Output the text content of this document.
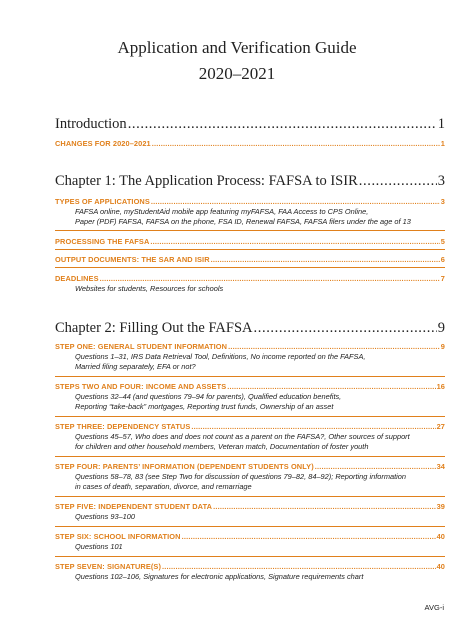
Application and Verification Guide
2020–2021
Introduction .....	1
CHANGES FOR 2020–2021 .....	1
Chapter 1: The Application Process: FAFSA to ISIR .....	3
TYPES OF APPLICATIONS .....	3
FAFSA online, myStudentAid mobile app featuring myFAFSA, FAA Access to CPS Online,
Paper (PDF) FAFSA, FAFSA on the phone, FSA ID, Renewal FAFSA, FAFSA filers under the age of 13
PROCESSING THE FAFSA .....	5
OUTPUT DOCUMENTS: THE SAR AND ISIR .....	6
DEADLINES .....	7
Websites for students, Resources for schools
Chapter 2: Filling Out the FAFSA .....	9
STEP ONE: GENERAL STUDENT INFORMATION .....	9
Questions 1–31, IRS Data Retrieval Tool, Definitions, No income reported on the FAFSA,
Married filing separately, EFA or not?
STEPS TWO AND FOUR: INCOME AND ASSETS .....	16
Questions 32–44 (and questions 79–94 for parents), Qualified education benefits,
Reporting “take-back” mortgages, Reporting trust funds, Ownership of an asset
STEP THREE: DEPENDENCY STATUS .....	27
Questions 45–57, Who does and does not count as a parent on the FAFSA?, Other sources of support
for children and other household members, Veteran match, Documentation of foster youth
STEP FOUR: PARENTS’ INFORMATION (DEPENDENT STUDENTS ONLY) .....	34
Questions 58–78, 83 (see Step Two for discussion of questions 79–82, 84–92); Reporting information
in cases of death, separation, divorce, and remarriage
STEP FIVE: INDEPENDENT STUDENT DATA .....	39
Questions 93–100
STEP SIX: SCHOOL INFORMATION .....	40
Questions 101
STEP SEVEN: SIGNATURE(S) .....	40
Questions 102–106, Signatures for electronic applications, Signature requirements chart
AVG-i
